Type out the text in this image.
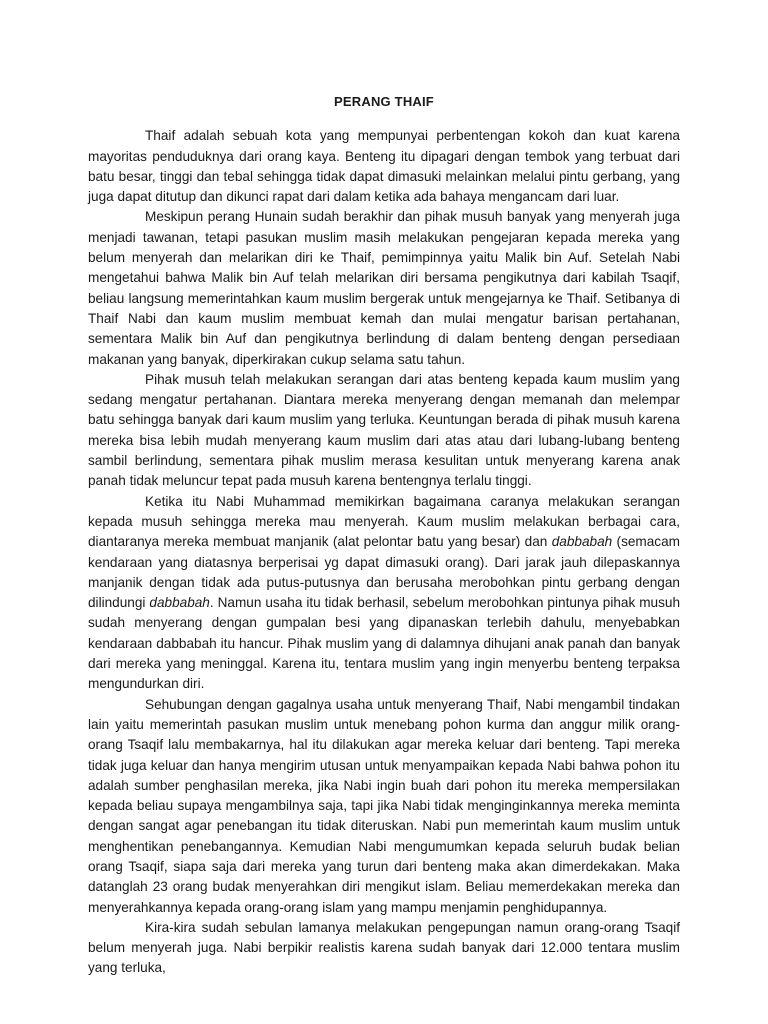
PERANG THAIF

Thaif adalah sebuah kota yang mempunyai perbentengan kokoh dan kuat karena mayoritas penduduknya dari orang kaya. Benteng itu dipagari dengan tembok yang terbuat dari batu besar, tinggi dan tebal sehingga tidak dapat dimasuki melainkan melalui pintu gerbang, yang juga dapat ditutup dan dikunci rapat dari dalam ketika ada bahaya mengancam dari luar.

Meskipun perang Hunain sudah berakhir dan pihak musuh banyak yang menyerah juga menjadi tawanan, tetapi pasukan muslim masih melakukan pengejaran kepada mereka yang belum menyerah dan melarikan diri ke Thaif, pemimpinnya yaitu Malik bin Auf. Setelah Nabi mengetahui bahwa Malik bin Auf telah melarikan diri bersama pengikutnya dari kabilah Tsaqif, beliau langsung memerintahkan kaum muslim bergerak untuk mengejarnya ke Thaif. Setibanya di Thaif Nabi dan kaum muslim membuat kemah dan mulai mengatur barisan pertahanan, sementara Malik bin Auf dan pengikutnya berlindung di dalam benteng dengan persediaan makanan yang banyak, diperkirakan cukup selama satu tahun.

Pihak musuh telah melakukan serangan dari atas benteng kepada kaum muslim yang sedang mengatur pertahanan. Diantara mereka menyerang dengan memanah dan melempar batu sehingga banyak dari kaum muslim yang terluka. Keuntungan berada di pihak musuh karena mereka bisa lebih mudah menyerang kaum muslim dari atas atau dari lubang-lubang benteng sambil berlindung, sementara pihak muslim merasa kesulitan untuk menyerang karena anak panah tidak meluncur tepat pada musuh karena bentengnya terlalu tinggi.

Ketika itu Nabi Muhammad memikirkan bagaimana caranya melakukan serangan kepada musuh sehingga mereka mau menyerah. Kaum muslim melakukan berbagai cara, diantaranya mereka membuat manjanik (alat pelontar batu yang besar) dan dabbabah (semacam kendaraan yang diatasnya berperisai yg dapat dimasuki orang). Dari jarak jauh dilepaskannya manjanik dengan tidak ada putus-putusnya dan berusaha merobohkan pintu gerbang dengan dilindungi dabbabah. Namun usaha itu tidak berhasil, sebelum merobohkan pintunya pihak musuh sudah menyerang dengan gumpalan besi yang dipanaskan terlebih dahulu, menyebabkan kendaraan dabbabah itu hancur. Pihak muslim yang di dalamnya dihujani anak panah dan banyak dari mereka yang meninggal. Karena itu, tentara muslim yang ingin menyerbu benteng terpaksa mengundurkan diri.

Sehubungan dengan gagalnya usaha untuk menyerang Thaif, Nabi mengambil tindakan lain yaitu memerintah pasukan muslim untuk menebang pohon kurma dan anggur milik orang-orang Tsaqif lalu membakarnya, hal itu dilakukan agar mereka keluar dari benteng. Tapi mereka tidak juga keluar dan hanya mengirim utusan untuk menyampaikan kepada Nabi bahwa pohon itu adalah sumber penghasilan mereka, jika Nabi ingin buah dari pohon itu mereka mempersilakan kepada beliau supaya mengambilnya saja, tapi jika Nabi tidak menginginkannya mereka meminta dengan sangat agar penebangan itu tidak diteruskan. Nabi pun memerintah kaum muslim untuk menghentikan penebangannya. Kemudian Nabi mengumumkan kepada seluruh budak belian orang Tsaqif, siapa saja dari mereka yang turun dari benteng maka akan dimerdekakan. Maka datanglah 23 orang budak menyerahkan diri mengikut islam. Beliau memerdekakan mereka dan menyerahkannya kepada orang-orang islam yang mampu menjamin penghidupannya.

Kira-kira sudah sebulan lamanya melakukan pengepungan namun orang-orang Tsaqif belum menyerah juga. Nabi berpikir realistis karena sudah banyak dari 12.000 tentara muslim yang terluka,
